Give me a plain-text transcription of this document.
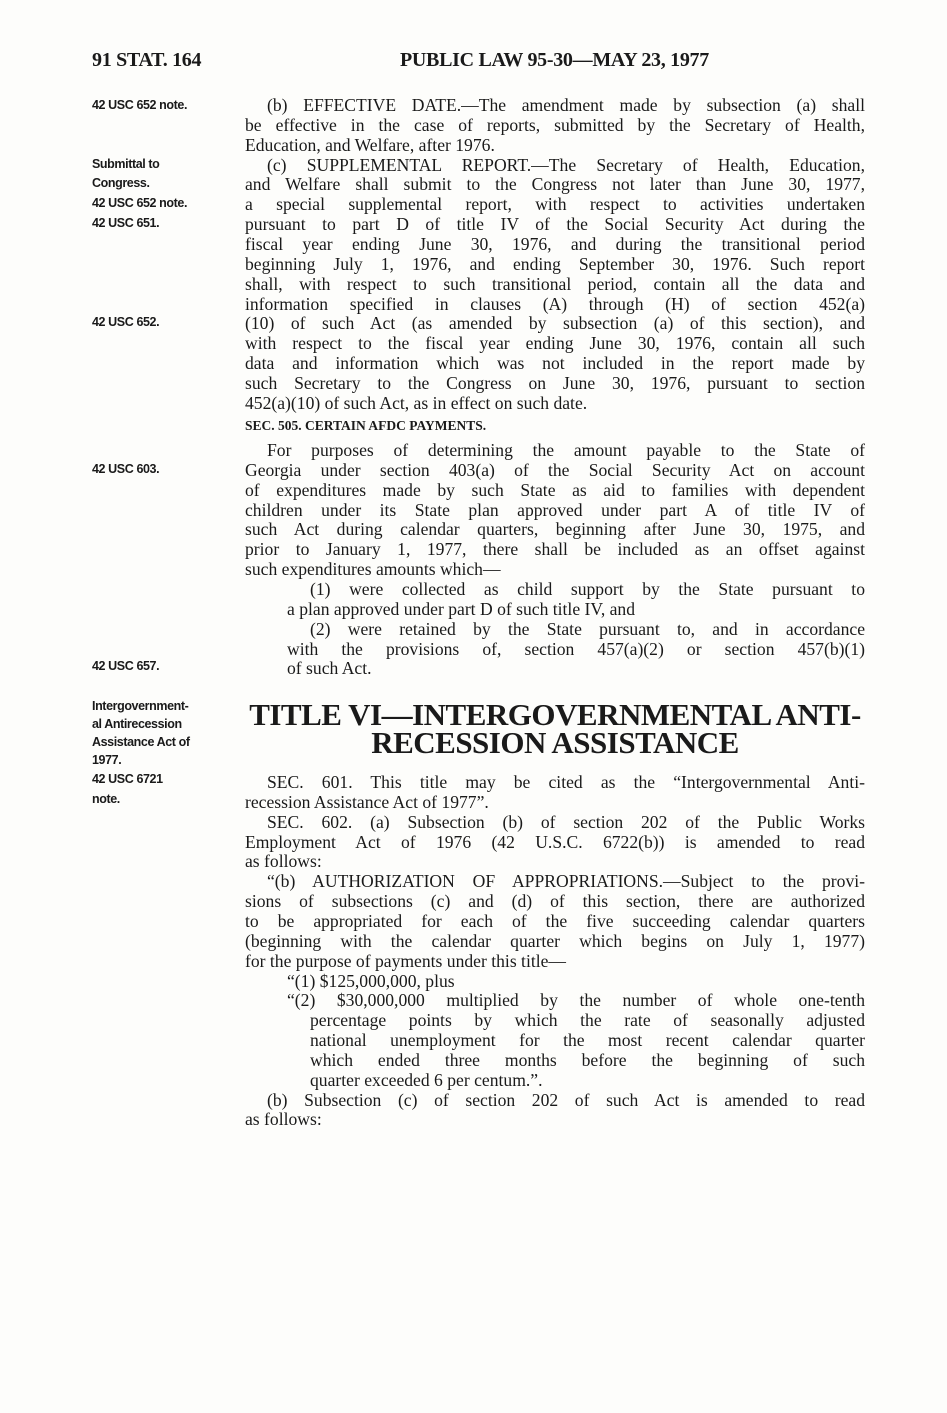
91 STAT. 164	PUBLIC LAW 95-30—MAY 23, 1977
42 USC 652 note.
Submittal to
Congress.
42 USC 652 note.
42 USC 651.
42 USC 652.
42 USC 603.
42 USC 657.
Intergovernment-
al Antirecession
Assistance Act of
1977.
42 USC 6721
note.
(b) EFFECTIVE DATE.—The amendment made by subsection (a) shall
be effective in the case of reports, submitted by the Secretary of Health,
Education, and Welfare, after 1976.
(c) SUPPLEMENTAL REPORT.—The Secretary of Health, Education,
and Welfare shall submit to the Congress not later than June 30, 1977,
a special supplemental report, with respect to activities undertaken
pursuant to part D of title IV of the Social Security Act during the
fiscal year ending June 30, 1976, and during the transitional period
beginning July 1, 1976, and ending September 30, 1976. Such report
shall, with respect to such transitional period, contain all the data and
information specified in clauses (A) through (H) of section 452(a)
(10) of such Act (as amended by subsection (a) of this section), and
with respect to the fiscal year ending June 30, 1976, contain all such
data and information which was not included in the report made by
such Secretary to the Congress on June 30, 1976, pursuant to section
452(a)(10) of such Act, as in effect on such date.
For purposes of determining the amount payable to the State of
Georgia under section 403(a) of the Social Security Act on account
of expenditures made by such State as aid to families with dependent
children under its State plan approved under part A of title IV of
such Act during calendar quarters, beginning after June 30, 1975, and
prior to January 1, 1977, there shall be included as an offset against
such expenditures amounts which—
(1) were collected as child support by the State pursuant to
a plan approved under part D of such title IV, and
(2) were retained by the State pursuant to, and in accordance
with the provisions of, section 457(a)(2) or section 457(b)(1)
of such Act.
SEC. 601. This title may be cited as the “Intergovernmental Anti-
recession Assistance Act of 1977”.
SEC. 602. (a) Subsection (b) of section 202 of the Public Works
Employment Act of 1976 (42 U.S.C. 6722(b)) is amended to read
as follows:
“(b) AUTHORIZATION OF APPROPRIATIONS.—Subject to the provi-
sions of subsections (c) and (d) of this section, there are authorized
to be appropriated for each of the five succeeding calendar quarters
(beginning with the calendar quarter which begins on July 1, 1977)
for the purpose of payments under this title—
“(1) $125,000,000, plus
“(2) $30,000,000 multiplied by the number of whole one-tenth
percentage points by which the rate of seasonally adjusted
national unemployment for the most recent calendar quarter
which ended three months before the beginning of such
quarter exceeded 6 per centum.”.
(b) Subsection (c) of section 202 of such Act is amended to read
as follows:
SEC. 505. CERTAIN AFDC PAYMENTS.
TITLE VI—INTERGOVERNMENTAL ANTI-
RECESSION ASSISTANCE
